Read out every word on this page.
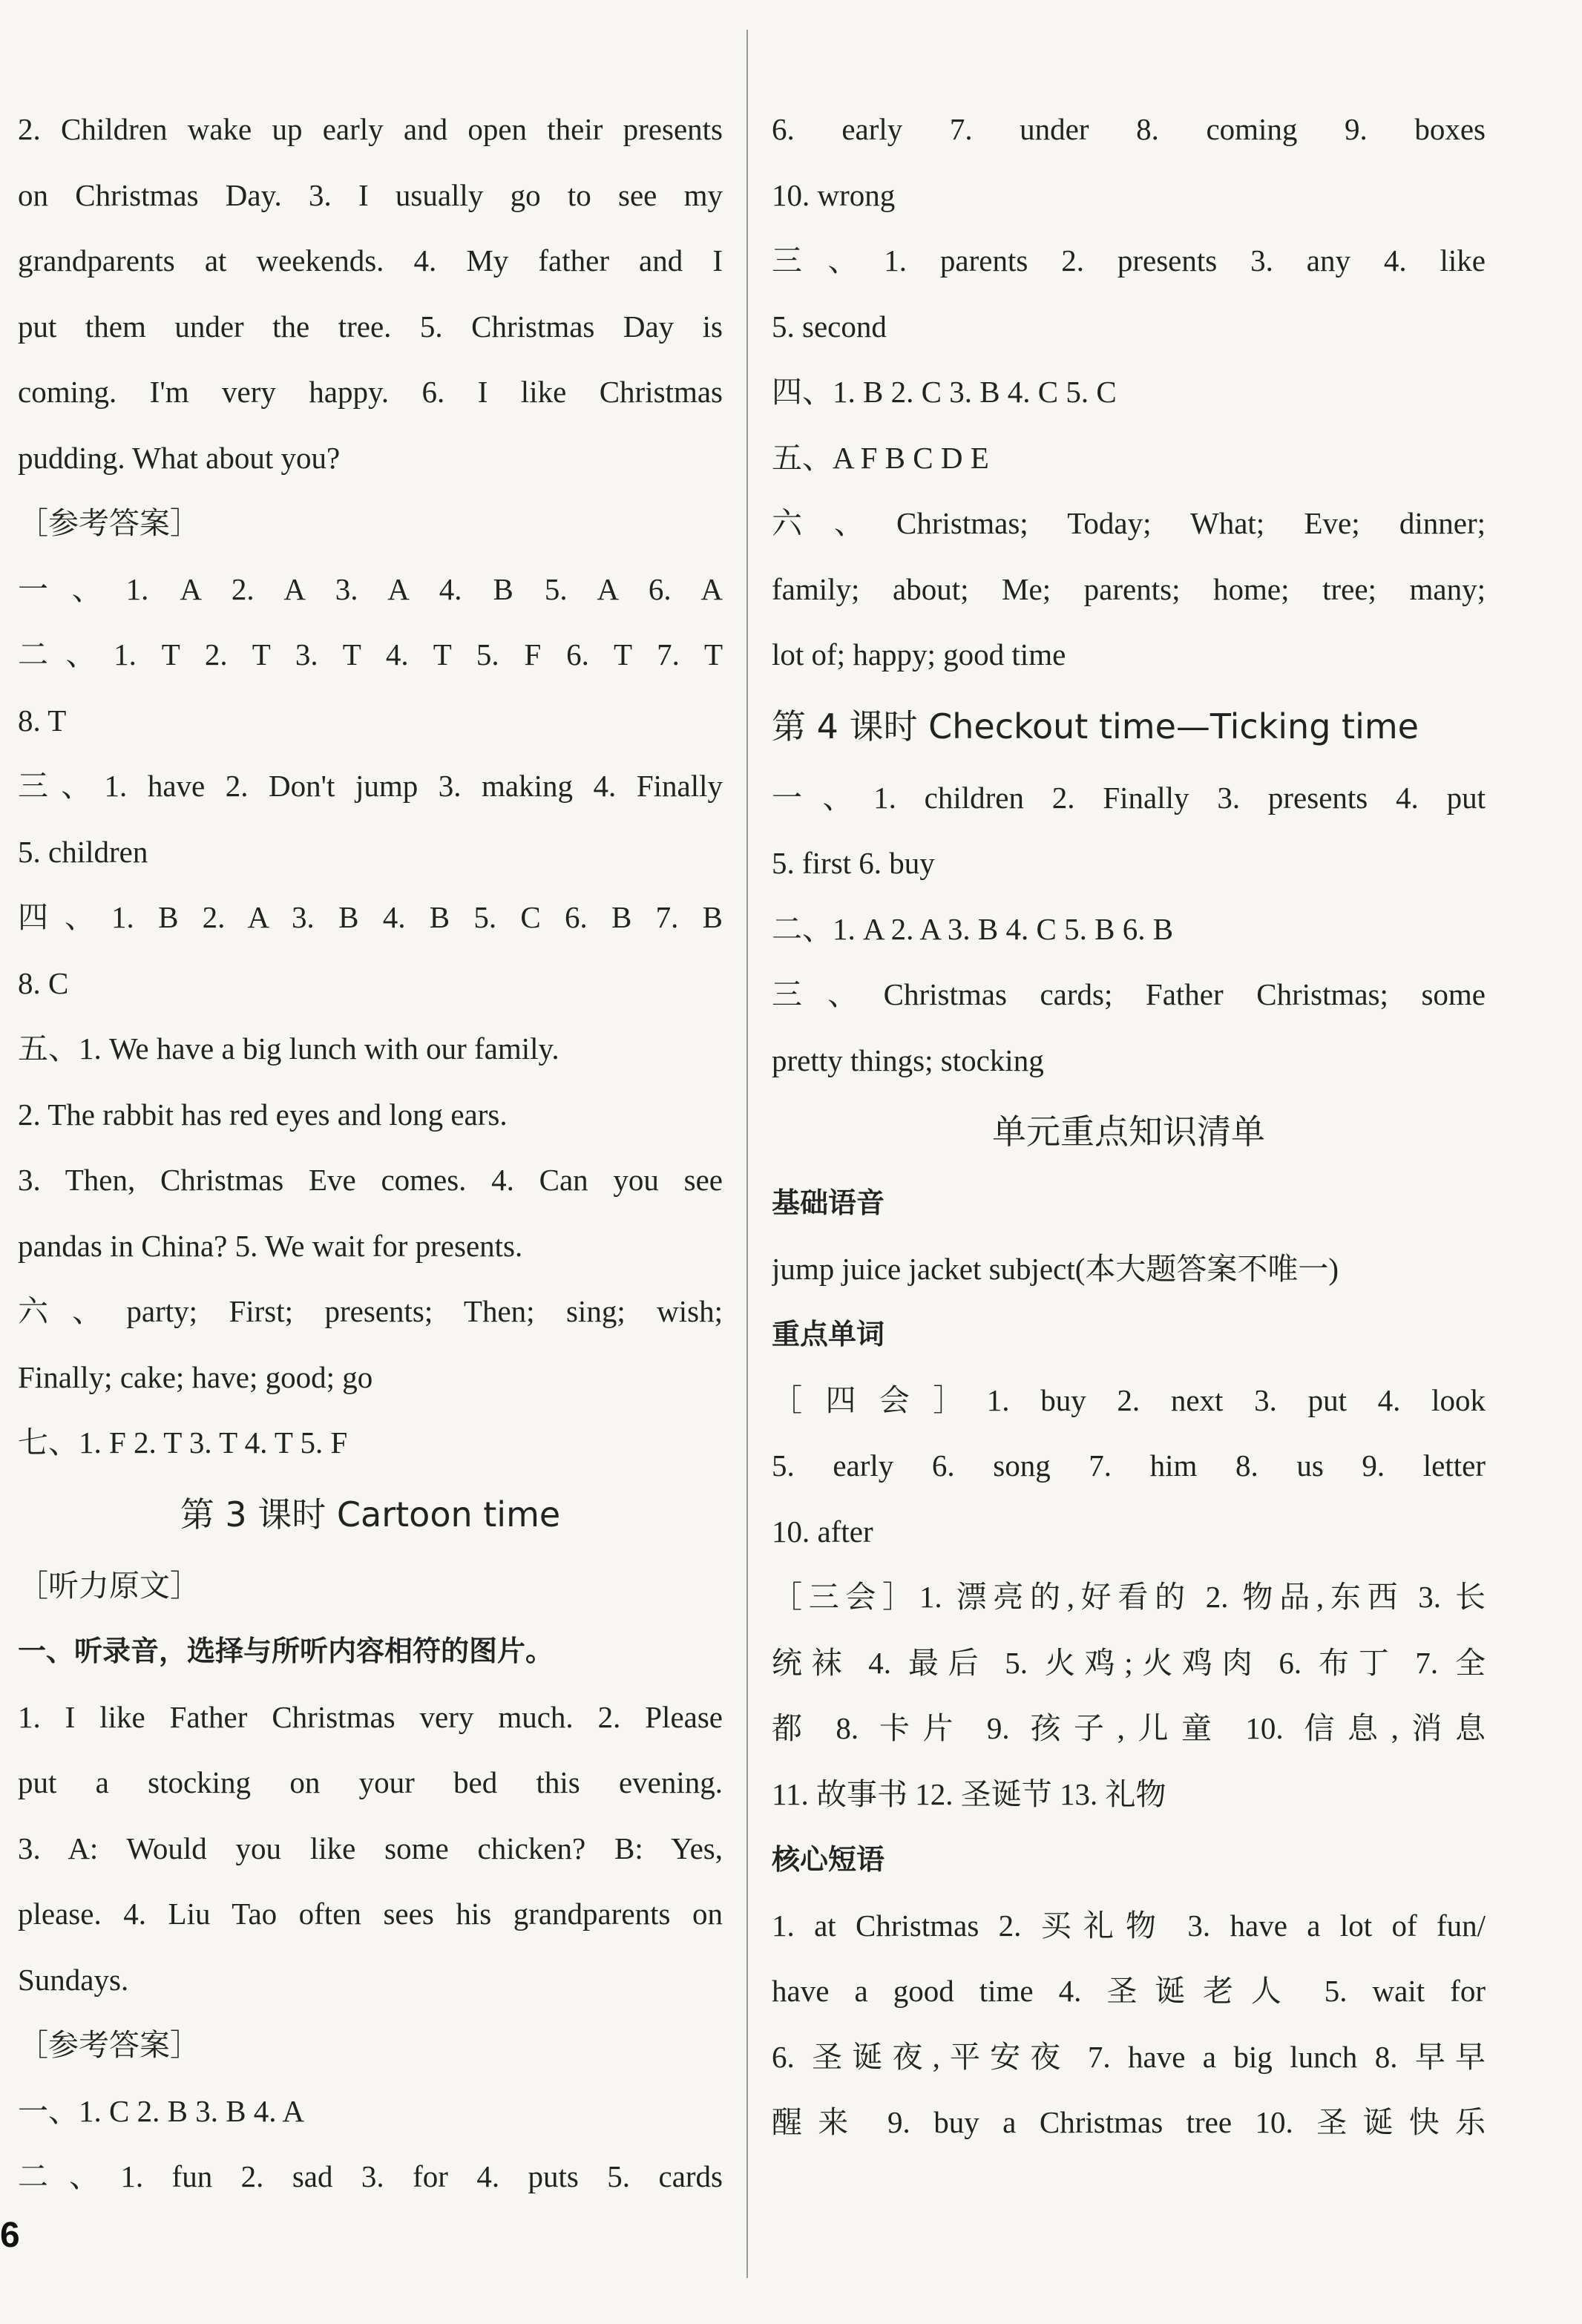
2. Children wake up early and open their presents
on Christmas Day. 3. I usually go to see my
grandparents at weekends. 4. My father and I
put them under the tree. 5. Christmas Day is
coming. I'm very happy. 6. I like Christmas
pudding. What about you?
［参考答案］
一、1. A 2. A 3. A 4. B 5. A 6. A
二、1. T 2. T 3. T 4. T 5. F 6. T 7. T
8. T
三、1. have 2. Don't jump 3. making 4. Finally
5. children
四、1. B 2. A 3. B 4. B 5. C 6. B 7. B
8. C
五、1. We have a big lunch with our family.
2. The rabbit has red eyes and long ears.
3. Then, Christmas Eve comes. 4. Can you see
pandas in China? 5. We wait for presents.
六、party; First; presents; Then; sing; wish;
Finally; cake; have; good; go
七、1. F 2. T 3. T 4. T 5. F
第 3 课时 Cartoon time
［听力原文］
一、听录音，选择与所听内容相符的图片。
1. I like Father Christmas very much. 2. Please
put a stocking on your bed this evening.
3. A: Would you like some chicken? B: Yes,
please. 4. Liu Tao often sees his grandparents on
Sundays.
［参考答案］
一、1. C 2. B 3. B 4. A
二、1. fun 2. sad 3. for 4. puts 5. cards
6. early 7. under 8. coming 9. boxes
10. wrong
三、1. parents 2. presents 3. any 4. like
5. second
四、1. B 2. C 3. B 4. C 5. C
五、A F B C D E
六、Christmas; Today; What; Eve; dinner;
family; about; Me; parents; home; tree; many;
lot of; happy; good time
第 4 课时 Checkout time—Ticking time
一、1. children 2. Finally 3. presents 4. put
5. first 6. buy
二、1. A 2. A 3. B 4. C 5. B 6. B
三、Christmas cards; Father Christmas; some
pretty things; stocking
单元重点知识清单
基础语音
jump juice jacket subject(本大题答案不唯一)
重点单词
［四会］1. buy 2. next 3. put 4. look
5. early 6. song 7. him 8. us 9. letter
10. after
［三会］1. 漂亮的,好看的 2. 物品,东西 3. 长
统袜 4. 最后 5. 火鸡;火鸡肉 6. 布丁 7. 全
都 8. 卡片 9. 孩子,儿童 10. 信息,消息
11. 故事书 12. 圣诞节 13. 礼物
核心短语
1. at Christmas 2. 买礼物 3. have a lot of fun/
have a good time 4. 圣诞老人 5. wait for
6. 圣诞夜,平安夜 7. have a big lunch 8. 早早
醒来 9. buy a Christmas tree 10. 圣诞快乐
6
